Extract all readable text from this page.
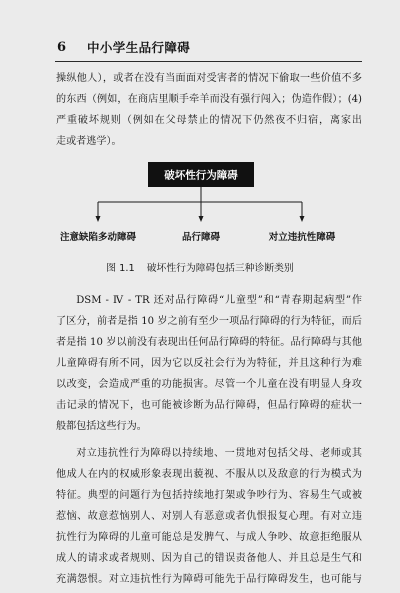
6 中小学生品行障碍
操纵他人），或者在没有当面面对受害者的情况下偷取一些价值不多
的东西（例如，在商店里顺手牵羊而没有强行闯入；伪造作假）；(4)
严重破坏规则（例如在父母禁止的情况下仍然夜不归宿，离家出
走或者逃学）。
破坏性行为障碍
注意缺陷多动障碍	品行障碍	对立违抗性障碍
图 1.1 破坏性行为障碍包括三种诊断类别
DSM - Ⅳ - TR 还对品行障碍“儿童型”和“青春期起病型”作
了区分，前者是指 10 岁之前有至少一项品行障碍的行为特征，而后
者是指 10 岁以前没有表现出任何品行障碍的特征。品行障碍与其他
儿童障碍有所不同，因为它以反社会行为为特征，并且这种行为难
以改变，会造成严重的功能损害。尽管一个儿童在没有明显人身攻
击记录的情况下，也可能被诊断为品行障碍，但品行障碍的症状一
般都包括这些行为。
对立违抗性行为障碍以持续地、一贯地对包括父母、老师或其
他成人在内的权威形象表现出藐视、不服从以及敌意的行为模式为
特征。典型的问题行为包括持续地打架或争吵行为、容易生气或被
惹恼、故意惹恼别人、对别人有恶意或者仇恨报复心理。有对立违
抗性行为障碍的儿童可能总是发脾气、与成人争吵、故意拒绝服从
成人的请求或者规则、因为自己的错误责备他人、并且总是生气和
充满怨恨。对立违抗性行为障碍可能先于品行障碍发生，也可能与
